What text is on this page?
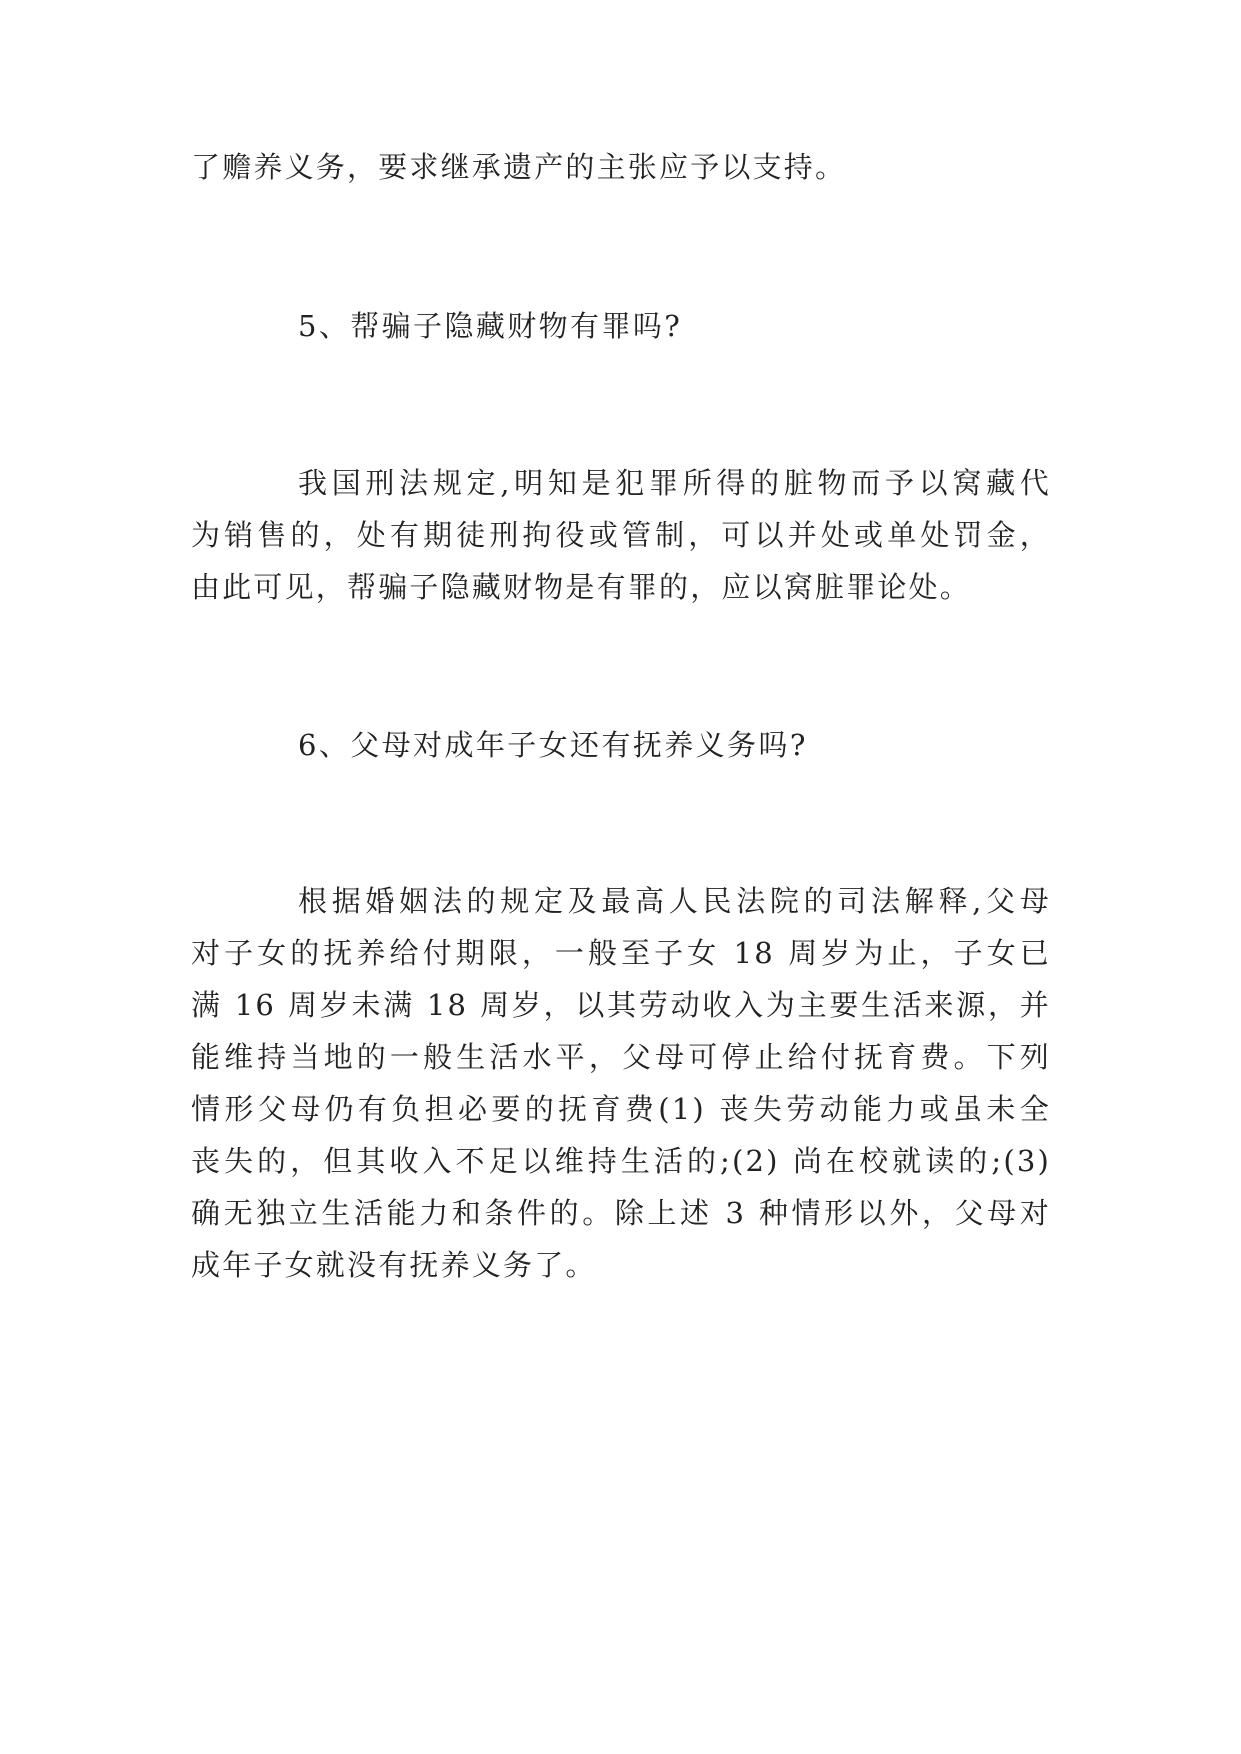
了赡养义务，要求继承遗产的主张应予以支持。
5、帮骗子隐藏财物有罪吗?
我国刑法规定,明知是犯罪所得的脏物而予以窝藏代
为销售的，处有期徒刑拘役或管制，可以并处或单处罚金，
由此可见，帮骗子隐藏财物是有罪的，应以窝脏罪论处。
6、父母对成年子女还有抚养义务吗?
根据婚姻法的规定及最高人民法院的司法解释,父母
对子女的抚养给付期限，一般至子女 18 周岁为止，子女已
满 16 周岁未满 18 周岁，以其劳动收入为主要生活来源，并
能维持当地的一般生活水平，父母可停止给付抚育费。下列
情形父母仍有负担必要的抚育费(1) 丧失劳动能力或虽未全
丧失的，但其收入不足以维持生活的;(2) 尚在校就读的;(3)
确无独立生活能力和条件的。除上述 3 种情形以外，父母对
成年子女就没有抚养义务了。
